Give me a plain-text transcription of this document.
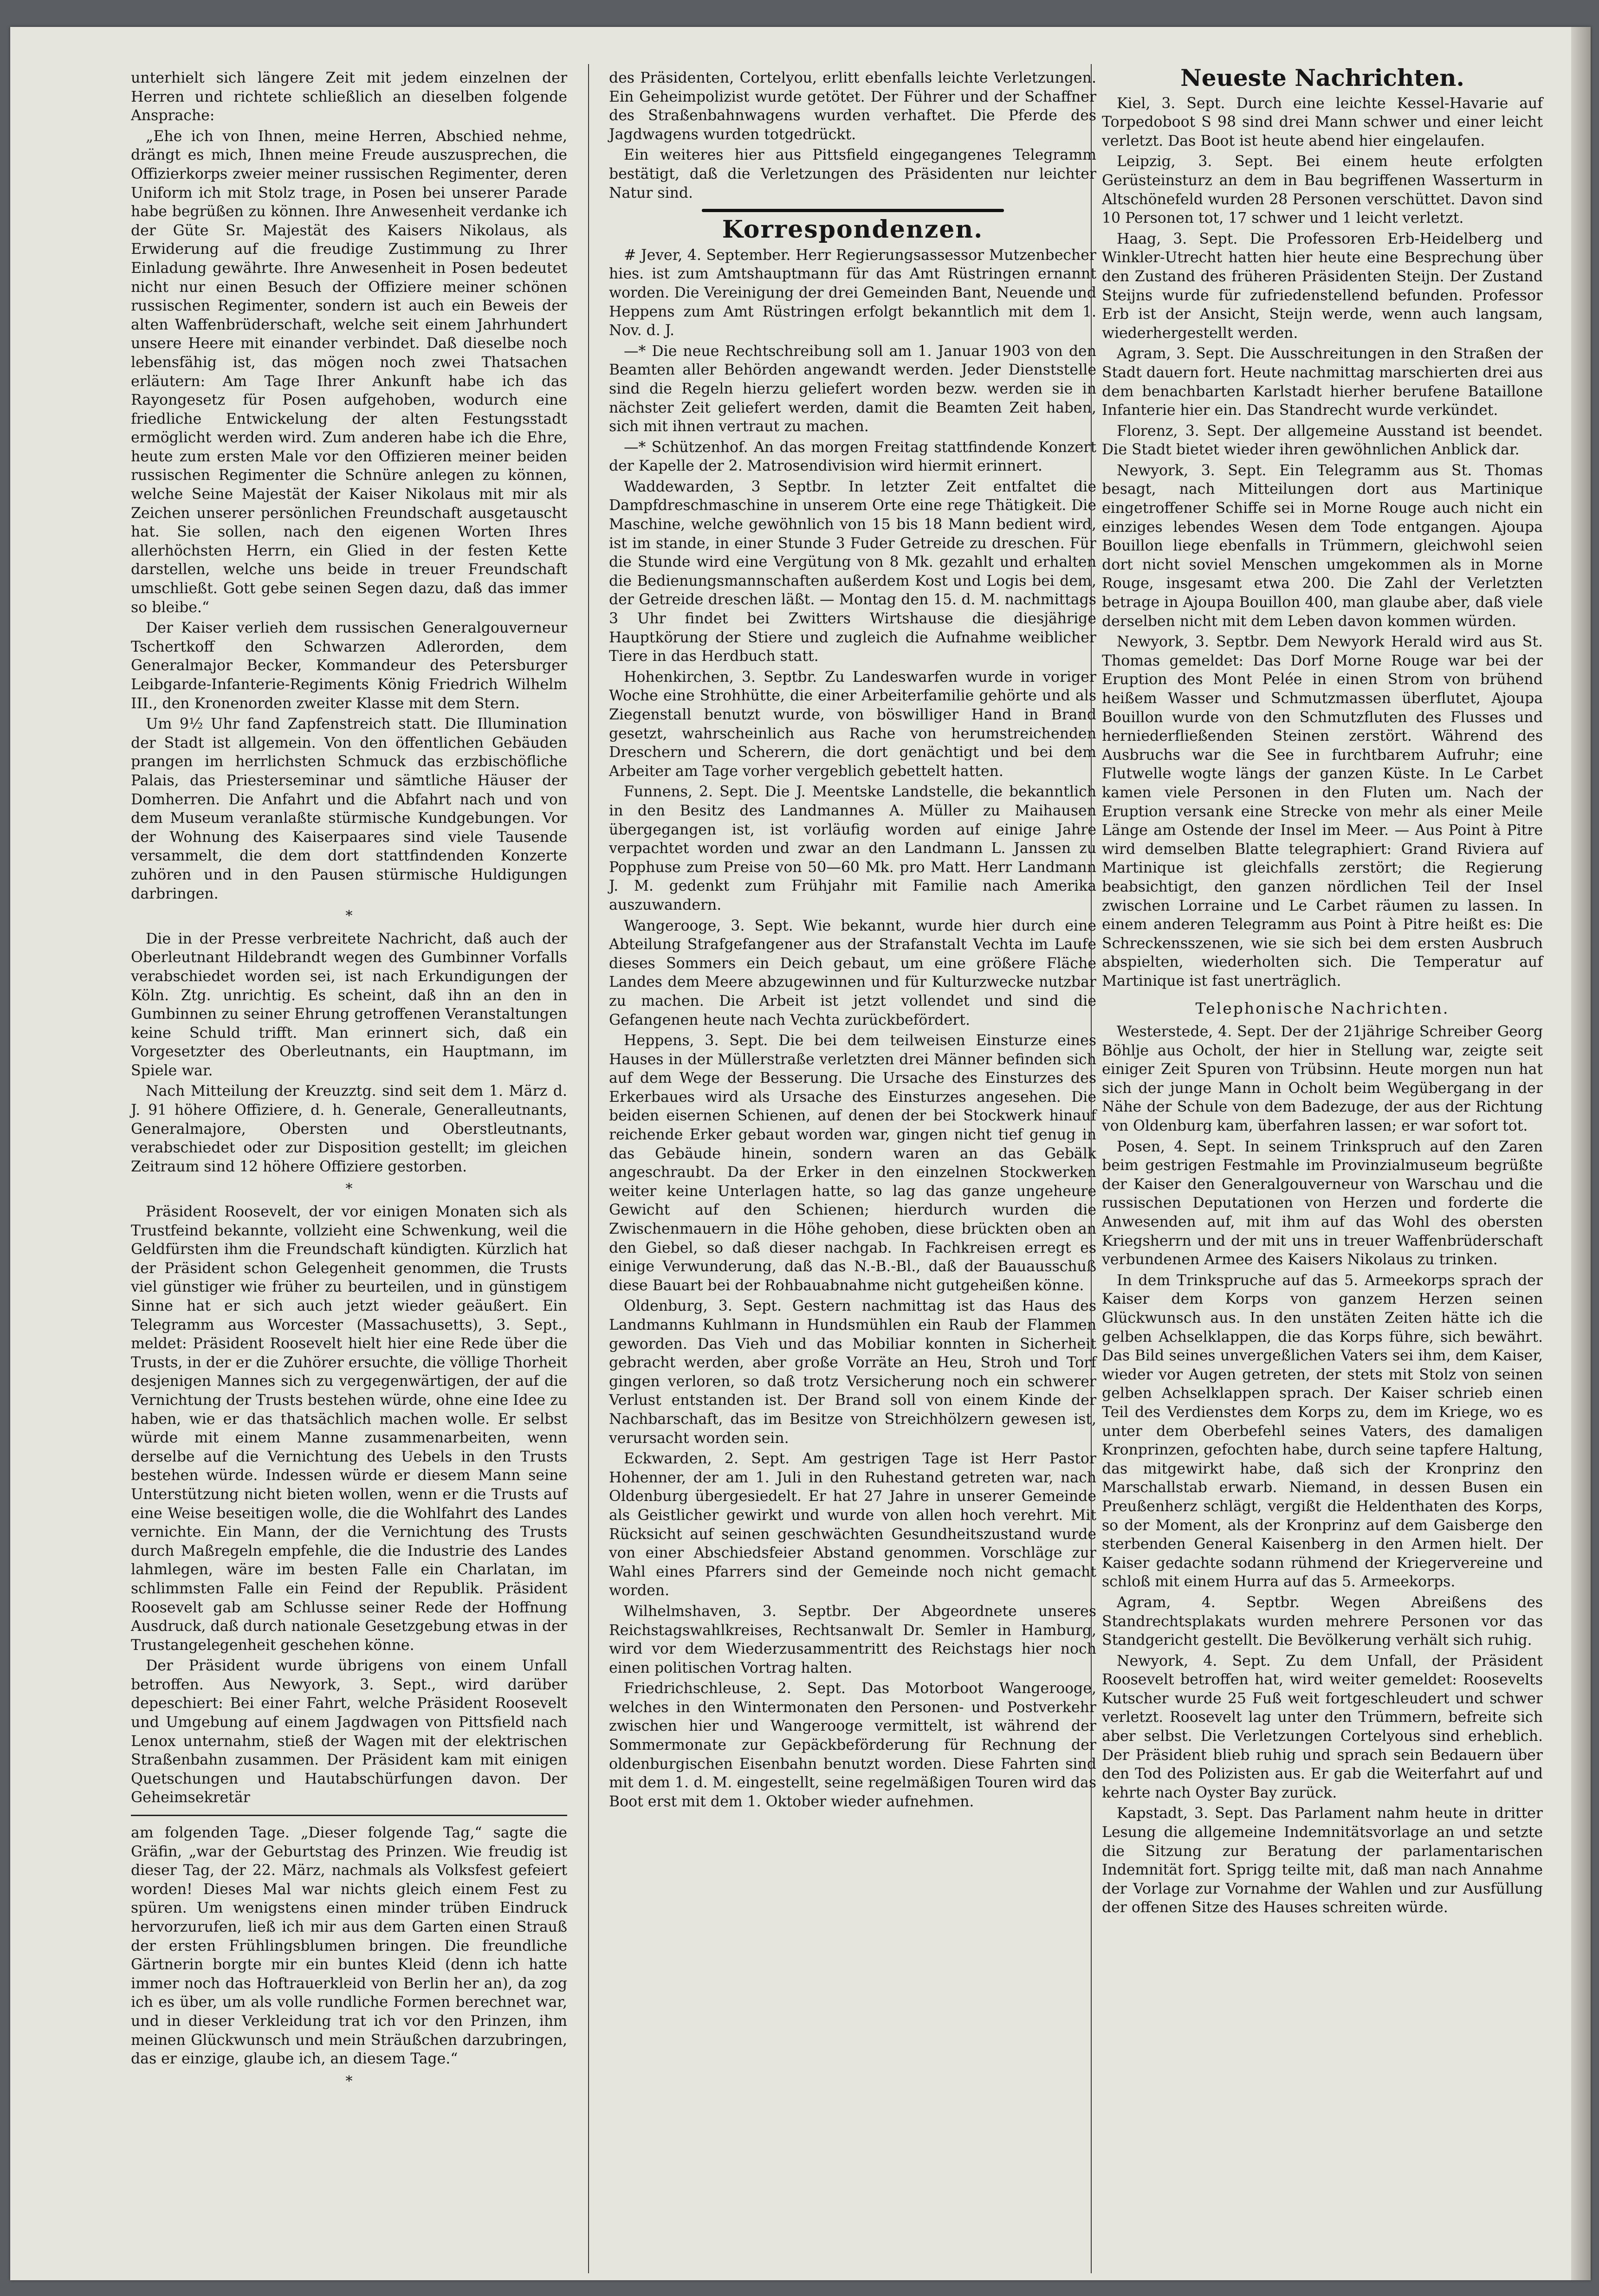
unterhielt sich längere Zeit mit jedem einzelnen der Herren und richtete schließlich an dieselben folgende Ansprache:

„Ehe ich von Ihnen, meine Herren, Abschied nehme, drängt es mich, Ihnen meine Freude auszusprechen, die Offizierkorps zweier meiner russischen Regimenter, deren Uniform ich mit Stolz trage, in Posen bei unserer Parade habe begrüßen zu können. Ihre Anwesenheit verdanke ich der Güte Sr. Majestät des Kaisers Nikolaus, als Erwiderung auf die freudige Zustimmung zu Ihrer Einladung gewährte. Ihre Anwesenheit in Posen bedeutet nicht nur einen Besuch der Offiziere meiner schönen russischen Regimenter, sondern ist auch ein Beweis der alten Waffenbrüderschaft, welche seit einem Jahrhundert unsere Heere mit einander verbindet. Daß dieselbe noch lebensfähig ist, das mögen noch zwei Thatsachen erläutern: Am Tage Ihrer Ankunft habe ich das Rayongesetz für Posen aufgehoben, wodurch eine friedliche Entwickelung der alten Festungsstadt ermöglicht werden wird. Zum anderen habe ich die Ehre, heute zum ersten Male vor den Offizieren meiner beiden russischen Regimenter die Schnüre anlegen zu können, welche Seine Majestät der Kaiser Nikolaus mit mir als Zeichen unserer persönlichen Freundschaft ausgetauscht hat. Sie sollen, nach den eigenen Worten Ihres allerhöchsten Herrn, ein Glied in der festen Kette darstellen, welche uns beide in treuer Freundschaft umschließt. Gott gebe seinen Segen dazu, daß das immer so bleibe.“

Der Kaiser verlieh dem russischen Generalgouverneur Tschertkoff den Schwarzen Adlerorden, dem Generalmajor Becker, Kommandeur des Petersburger Leibgarde-Infanterie-Regiments König Friedrich Wilhelm III., den Kronenorden zweiter Klasse mit dem Stern.

Um 9½ Uhr fand Zapfenstreich statt. Die Illumination der Stadt ist allgemein. Von den öffentlichen Gebäuden prangen im herrlichsten Schmuck das erzbischöfliche Palais, das Priesterseminar und sämtliche Häuser der Domherren. Die Anfahrt und die Abfahrt nach und von dem Museum veranlaßte stürmische Kundgebungen. Vor der Wohnung des Kaiserpaares sind viele Tausende versammelt, die dem dort stattfindenden Konzerte zuhören und in den Pausen stürmische Huldigungen darbringen.

*

Die in der Presse verbreitete Nachricht, daß auch der Oberleutnant Hildebrandt wegen des Gumbinner Vorfalls verabschiedet worden sei, ist nach Erkundigungen der Köln. Ztg. unrichtig. Es scheint, daß ihn an den in Gumbinnen zu seiner Ehrung getroffenen Veranstaltungen keine Schuld trifft. Man erinnert sich, daß ein Vorgesetzter des Oberleutnants, ein Hauptmann, im Spiele war.

Nach Mitteilung der Kreuzztg. sind seit dem 1. März d. J. 91 höhere Offiziere, d. h. Generale, Generalleutnants, Generalmajore, Obersten und Oberstleutnants, verabschiedet oder zur Disposition gestellt; im gleichen Zeitraum sind 12 höhere Offiziere gestorben.

*

Präsident Roosevelt, der vor einigen Monaten sich als Trustfeind bekannte, vollzieht eine Schwenkung, weil die Geldfürsten ihm die Freundschaft kündigten. Kürzlich hat der Präsident schon Gelegenheit genommen, die Trusts viel günstiger wie früher zu beurteilen, und in günstigem Sinne hat er sich auch jetzt wieder geäußert. Ein Telegramm aus Worcester (Massachusetts), 3. Sept., meldet: Präsident Roosevelt hielt hier eine Rede über die Trusts, in der er die Zuhörer ersuchte, die völlige Thorheit desjenigen Mannes sich zu vergegenwärtigen, der auf die Vernichtung der Trusts bestehen würde, ohne eine Idee zu haben, wie er das thatsächlich machen wolle. Er selbst würde mit einem Manne zusammenarbeiten, wenn derselbe auf die Vernichtung des Uebels in den Trusts bestehen würde. Indessen würde er diesem Mann seine Unterstützung nicht bieten wollen, wenn er die Trusts auf eine Weise beseitigen wolle, die die Wohlfahrt des Landes vernichte. Ein Mann, der die Vernichtung des Trusts durch Maßregeln empfehle, die die Industrie des Landes lahmlegen, wäre im besten Falle ein Charlatan, im schlimmsten Falle ein Feind der Republik. Präsident Roosevelt gab am Schlusse seiner Rede der Hoffnung Ausdruck, daß durch nationale Gesetzgebung etwas in der Trustangelegenheit geschehen könne.

Der Präsident wurde übrigens von einem Unfall betroffen. Aus Newyork, 3. Sept., wird darüber depeschiert: Bei einer Fahrt, welche Präsident Roosevelt und Umgebung auf einem Jagdwagen von Pittsfield nach Lenox unternahm, stieß der Wagen mit der elektrischen Straßenbahn zusammen. Der Präsident kam mit einigen Quetschungen und Hautabschürfungen davon. Der Geheimsekretär

am folgenden Tage. „Dieser folgende Tag,“ sagte die Gräfin, „war der Geburtstag des Prinzen. Wie freudig ist dieser Tag, der 22. März, nachmals als Volksfest gefeiert worden! Dieses Mal war nichts gleich einem Fest zu spüren. Um wenigstens einen minder trüben Eindruck hervorzurufen, ließ ich mir aus dem Garten einen Strauß der ersten Frühlingsblumen bringen. Die freundliche Gärtnerin borgte mir ein buntes Kleid (denn ich hatte immer noch das Hoftrauerkleid von Berlin her an), da zog ich es über, um als volle rundliche Formen berechnet war, und in dieser Verkleidung trat ich vor den Prinzen, ihm meinen Glückwunsch und mein Sträußchen darzubringen, das er einzige, glaube ich, an diesem Tage.“

*

des Präsidenten, Cortelyou, erlitt ebenfalls leichte Verletzungen. Ein Geheimpolizist wurde getötet. Der Führer und der Schaffner des Straßenbahnwagens wurden verhaftet. Die Pferde des Jagdwagens wurden totgedrückt.

Ein weiteres hier aus Pittsfield eingegangenes Telegramm bestätigt, daß die Verletzungen des Präsidenten nur leichter Natur sind.

Korrespondenzen.

# Jever, 4. September. Herr Regierungsassessor Mutzenbecher hies. ist zum Amtshauptmann für das Amt Rüstringen ernannt worden. Die Vereinigung der drei Gemeinden Bant, Neuende und Heppens zum Amt Rüstringen erfolgt bekanntlich mit dem 1. Nov. d. J.

—* Die neue Rechtschreibung soll am 1. Januar 1903 von den Beamten aller Behörden angewandt werden. Jeder Dienststelle sind die Regeln hierzu geliefert worden bezw. werden sie in nächster Zeit geliefert werden, damit die Beamten Zeit haben, sich mit ihnen vertraut zu machen.

—* Schützenhof. An das morgen Freitag stattfindende Konzert der Kapelle der 2. Matrosendivision wird hiermit erinnert.

Waddewarden, 3 Septbr. In letzter Zeit entfaltet die Dampfdreschmaschine in unserem Orte eine rege Thätigkeit. Die Maschine, welche gewöhnlich von 15 bis 18 Mann bedient wird, ist im stande, in einer Stunde 3 Fuder Getreide zu dreschen. Für die Stunde wird eine Vergütung von 8 Mk. gezahlt und erhalten die Bedienungsmannschaften außerdem Kost und Logis bei dem, der Getreide dreschen läßt. — Montag den 15. d. M. nachmittags 3 Uhr findet bei Zwitters Wirtshause die diesjährige Hauptkörung der Stiere und zugleich die Aufnahme weiblicher Tiere in das Herdbuch statt.

Hohenkirchen, 3. Septbr. Zu Landeswarfen wurde in voriger Woche eine Strohhütte, die einer Arbeiterfamilie gehörte und als Ziegenstall benutzt wurde, von böswilliger Hand in Brand gesetzt, wahrscheinlich aus Rache von herumstreichenden Dreschern und Scherern, die dort genächtigt und bei dem Arbeiter am Tage vorher vergeblich gebettelt hatten.

Funnens, 2. Sept. Die J. Meentske Landstelle, die bekanntlich in den Besitz des Landmannes A. Müller zu Maihausen übergegangen ist, ist vorläufig worden auf einige Jahre verpachtet worden und zwar an den Landmann L. Janssen zu Popphuse zum Preise von 50—60 Mk. pro Matt. Herr Landmann J. M. gedenkt zum Frühjahr mit Familie nach Amerika auszuwandern.

Wangerooge, 3. Sept. Wie bekannt, wurde hier durch eine Abteilung Strafgefangener aus der Strafanstalt Vechta im Laufe dieses Sommers ein Deich gebaut, um eine größere Fläche Landes dem Meere abzugewinnen und für Kulturzwecke nutzbar zu machen. Die Arbeit ist jetzt vollendet und sind die Gefangenen heute nach Vechta zurückbefördert.

Heppens, 3. Sept. Die bei dem teilweisen Einsturze eines Hauses in der Müllerstraße verletzten drei Männer befinden sich auf dem Wege der Besserung. Die Ursache des Einsturzes des Erkerbaues wird als Ursache des Einsturzes angesehen. Die beiden eisernen Schienen, auf denen der bei Stockwerk hinauf reichende Erker gebaut worden war, gingen nicht tief genug in das Gebäude hinein, sondern waren an das Gebälk angeschraubt. Da der Erker in den einzelnen Stockwerken weiter keine Unterlagen hatte, so lag das ganze ungeheure Gewicht auf den Schienen; hierdurch wurden die Zwischenmauern in die Höhe gehoben, diese brückten oben an den Giebel, so daß dieser nachgab. In Fachkreisen erregt es einige Verwunderung, daß das N.-B.-Bl., daß der Bauausschuß diese Bauart bei der Rohbauabnahme nicht gutgeheißen könne.

Oldenburg, 3. Sept. Gestern nachmittag ist das Haus des Landmanns Kuhlmann in Hundsmühlen ein Raub der Flammen geworden. Das Vieh und das Mobiliar konnten in Sicherheit gebracht werden, aber große Vorräte an Heu, Stroh und Torf gingen verloren, so daß trotz Versicherung noch ein schwerer Verlust entstanden ist. Der Brand soll von einem Kinde der Nachbarschaft, das im Besitze von Streichhölzern gewesen ist, verursacht worden sein.

Eckwarden, 2. Sept. Am gestrigen Tage ist Herr Pastor Hohenner, der am 1. Juli in den Ruhestand getreten war, nach Oldenburg übergesiedelt. Er hat 27 Jahre in unserer Gemeinde als Geistlicher gewirkt und wurde von allen hoch verehrt. Mit Rücksicht auf seinen geschwächten Gesundheitszustand wurde von einer Abschiedsfeier Abstand genommen. Vorschläge zur Wahl eines Pfarrers sind der Gemeinde noch nicht gemacht worden.

Wilhelmshaven, 3. Septbr. Der Abgeordnete unseres Reichstagswahlkreises, Rechtsanwalt Dr. Semler in Hamburg, wird vor dem Wiederzusammentritt des Reichstags hier noch einen politischen Vortrag halten.

Friedrichschleuse, 2. Sept. Das Motorboot Wangerooge, welches in den Wintermonaten den Personen- und Postverkehr zwischen hier und Wangerooge vermittelt, ist während der Sommermonate zur Gepäckbeförderung für Rechnung der oldenburgischen Eisenbahn benutzt worden. Diese Fahrten sind mit dem 1. d. M. eingestellt, seine regelmäßigen Touren wird das Boot erst mit dem 1. Oktober wieder aufnehmen.

Neueste Nachrichten.

Kiel, 3. Sept. Durch eine leichte Kessel-Havarie auf Torpedoboot S 98 sind drei Mann schwer und einer leicht verletzt. Das Boot ist heute abend hier eingelaufen.

Leipzig, 3. Sept. Bei einem heute erfolgten Gerüsteinsturz an dem in Bau begriffenen Wasserturm in Altschönefeld wurden 28 Personen verschüttet. Davon sind 10 Personen tot, 17 schwer und 1 leicht verletzt.

Haag, 3. Sept. Die Professoren Erb-Heidelberg und Winkler-Utrecht hatten hier heute eine Besprechung über den Zustand des früheren Präsidenten Steijn. Der Zustand Steijns wurde für zufriedenstellend befunden. Professor Erb ist der Ansicht, Steijn werde, wenn auch langsam, wiederhergestellt werden.

Agram, 3. Sept. Die Ausschreitungen in den Straßen der Stadt dauern fort. Heute nachmittag marschierten drei aus dem benachbarten Karlstadt hierher berufene Bataillone Infanterie hier ein. Das Standrecht wurde verkündet.

Florenz, 3. Sept. Der allgemeine Ausstand ist beendet. Die Stadt bietet wieder ihren gewöhnlichen Anblick dar.

Newyork, 3. Sept. Ein Telegramm aus St. Thomas besagt, nach Mitteilungen dort aus Martinique eingetroffener Schiffe sei in Morne Rouge auch nicht ein einziges lebendes Wesen dem Tode entgangen. Ajoupa Bouillon liege ebenfalls in Trümmern, gleichwohl seien dort nicht soviel Menschen umgekommen als in Morne Rouge, insgesamt etwa 200. Die Zahl der Verletzten betrage in Ajoupa Bouillon 400, man glaube aber, daß viele derselben nicht mit dem Leben davon kommen würden.

Newyork, 3. Septbr. Dem Newyork Herald wird aus St. Thomas gemeldet: Das Dorf Morne Rouge war bei der Eruption des Mont Pelée in einen Strom von brühend heißem Wasser und Schmutzmassen überflutet, Ajoupa Bouillon wurde von den Schmutzfluten des Flusses und herniederfließenden Steinen zerstört. Während des Ausbruchs war die See in furchtbarem Aufruhr; eine Flutwelle wogte längs der ganzen Küste. In Le Carbet kamen viele Personen in den Fluten um. Nach der Eruption versank eine Strecke von mehr als einer Meile Länge am Ostende der Insel im Meer. — Aus Point à Pitre wird demselben Blatte telegraphiert: Grand Riviera auf Martinique ist gleichfalls zerstört; die Regierung beabsichtigt, den ganzen nördlichen Teil der Insel zwischen Lorraine und Le Carbet räumen zu lassen. In einem anderen Telegramm aus Point à Pitre heißt es: Die Schreckensszenen, wie sie sich bei dem ersten Ausbruch abspielten, wiederholten sich. Die Temperatur auf Martinique ist fast unerträglich.

Telephonische Nachrichten.

Westerstede, 4. Sept. Der der 21jährige Schreiber Georg Böhlje aus Ocholt, der hier in Stellung war, zeigte seit einiger Zeit Spuren von Trübsinn. Heute morgen nun hat sich der junge Mann in Ocholt beim Wegübergang in der Nähe der Schule von dem Badezuge, der aus der Richtung von Oldenburg kam, überfahren lassen; er war sofort tot.

Posen, 4. Sept. In seinem Trinkspruch auf den Zaren beim gestrigen Festmahle im Provinzialmuseum begrüßte der Kaiser den Generalgouverneur von Warschau und die russischen Deputationen von Herzen und forderte die Anwesenden auf, mit ihm auf das Wohl des obersten Kriegsherrn und der mit uns in treuer Waffenbrüderschaft verbundenen Armee des Kaisers Nikolaus zu trinken.

In dem Trinkspruche auf das 5. Armeekorps sprach der Kaiser dem Korps von ganzem Herzen seinen Glückwunsch aus. In den unstäten Zeiten hätte ich die gelben Achselklappen, die das Korps führe, sich bewährt. Das Bild seines unvergeßlichen Vaters sei ihm, dem Kaiser, wieder vor Augen getreten, der stets mit Stolz von seinen gelben Achselklappen sprach. Der Kaiser schrieb einen Teil des Verdienstes dem Korps zu, dem im Kriege, wo es unter dem Oberbefehl seines Vaters, des damaligen Kronprinzen, gefochten habe, durch seine tapfere Haltung, das mitgewirkt habe, daß sich der Kronprinz den Marschallstab erwarb. Niemand, in dessen Busen ein Preußenherz schlägt, vergißt die Heldenthaten des Korps, so der Moment, als der Kronprinz auf dem Gaisberge den sterbenden General Kaisenberg in den Armen hielt. Der Kaiser gedachte sodann rühmend der Kriegervereine und schloß mit einem Hurra auf das 5. Armeekorps.

Agram, 4. Septbr. Wegen Abreißens des Standrechtsplakats wurden mehrere Personen vor das Standgericht gestellt. Die Bevölkerung verhält sich ruhig.

Newyork, 4. Sept. Zu dem Unfall, der Präsident Roosevelt betroffen hat, wird weiter gemeldet: Roosevelts Kutscher wurde 25 Fuß weit fortgeschleudert und schwer verletzt. Roosevelt lag unter den Trümmern, befreite sich aber selbst. Die Verletzungen Cortelyous sind erheblich. Der Präsident blieb ruhig und sprach sein Bedauern über den Tod des Polizisten aus. Er gab die Weiterfahrt auf und kehrte nach Oyster Bay zurück.

Kapstadt, 3. Sept. Das Parlament nahm heute in dritter Lesung die allgemeine Indemnitätsvorlage an und setzte die Sitzung zur Beratung der parlamentarischen Indemnität fort. Sprigg teilte mit, daß man nach Annahme der Vorlage zur Vornahme der Wahlen und zur Ausfüllung der offenen Sitze des Hauses schreiten würde.
